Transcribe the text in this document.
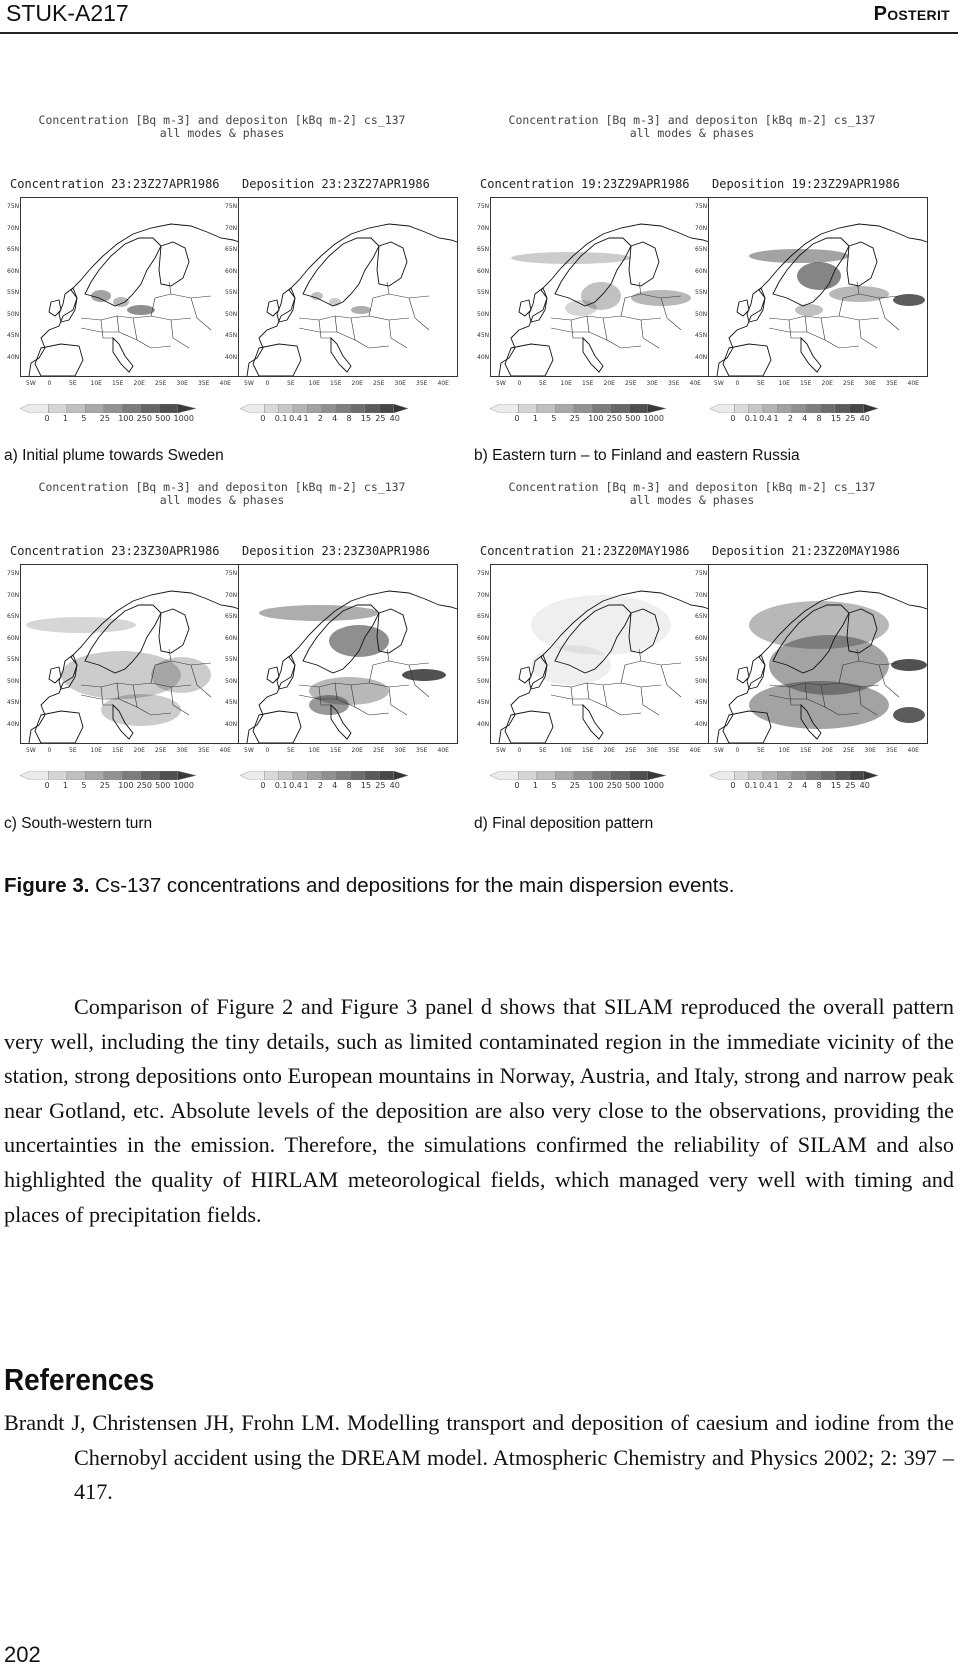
STUK-A217	Posterit
Concentration [Bq m-3] and depositon [kBq m-2] cs_137
all modes & phases
Concentration 23:23Z27APR1986 Deposition 23:23Z27APR1986
75N
70N
65N
60N
55N
50N
45N
40N
5W 0	5E 10E 15E 20E 25E 30E 35E 40E
75N
70N
65N
60N
55N
50N
45N
40N
5W 0	5E 10E 15E 20E 25E 30E 35E 40E
0 1 5 25 100 250 500 1000	0 0.1 0.4 1 2 4 8 15 25 40
a) Initial plume towards Sweden
Concentration [Bq m-3] and depositon [kBq m-2] cs_137
all modes & phases
Concentration 19:23Z29APR1986 Deposition 19:23Z29APR1986
75N
70N
65N
60N
55N
50N
45N
40N
5W 0	5E 10E 15E 20E 25E 30E 35E 40E
75N
70N
65N
60N
55N
50N
45N
40N
5W 0	5E 10E 15E 20E 25E 30E 35E 40E
0 1 5 25 100 250 500 1000	0 0.1 0.4 1 2 4 8 15 25 40
b) Eastern turn – to Finland and eastern Russia
Concentration [Bq m-3] and depositon [kBq m-2] cs_137
all modes & phases
Concentration 23:23Z30APR1986 Deposition 23:23Z30APR1986
75N
70N
65N
60N
55N
50N
45N
40N
5W 0	5E 10E 15E 20E 25E 30E 35E 40E
75N
70N
65N
60N
55N
50N
45N
40N
5W 0	5E 10E 15E 20E 25E 30E 35E 40E
0 1 5 25 100 250 500 1000	0 0.1 0.4 1 2 4 8 15 25 40
c) South-western turn
Concentration [Bq m-3] and depositon [kBq m-2] cs_137
all modes & phases
Concentration 21:23Z20MAY1986 Deposition 21:23Z20MAY1986
75N
70N
65N
60N
55N
50N
45N
40N
5W 0	5E 10E 15E 20E 25E 30E 35E 40E
75N
70N
65N
60N
55N
50N
45N
40N
5W 0	5E 10E 15E 20E 25E 30E 35E 40E
0 1 5 25 100 250 500 1000	0 0.1 0.4 1 2 4 8 15 25 40
d) Final deposition pattern
Figure 3. Cs-137 concentrations and depositions for the main dispersion events.

Comparison of Figure 2 and Figure 3 panel d shows that SILAM reproduced the overall pattern very well, including the tiny details, such as limited contaminated region in the immediate vicinity of the station, strong depositions onto European mountains in Norway, Austria, and Italy, strong and narrow peak near Gotland, etc. Absolute levels of the deposition are also very close to the observations, providing the uncertainties in the emission. Therefore, the simulations confirmed the reliability of SILAM and also highlighted the quality of HIRLAM meteorological fields, which managed very well with timing and places of precipitation fields.

References
Brandt J, Christensen JH, Frohn LM. Modelling transport and deposition of caesium and iodine from the Chernobyl accident using the DREAM model. Atmospheric Chemistry and Physics 2002; 2: 397 – 417.
202
